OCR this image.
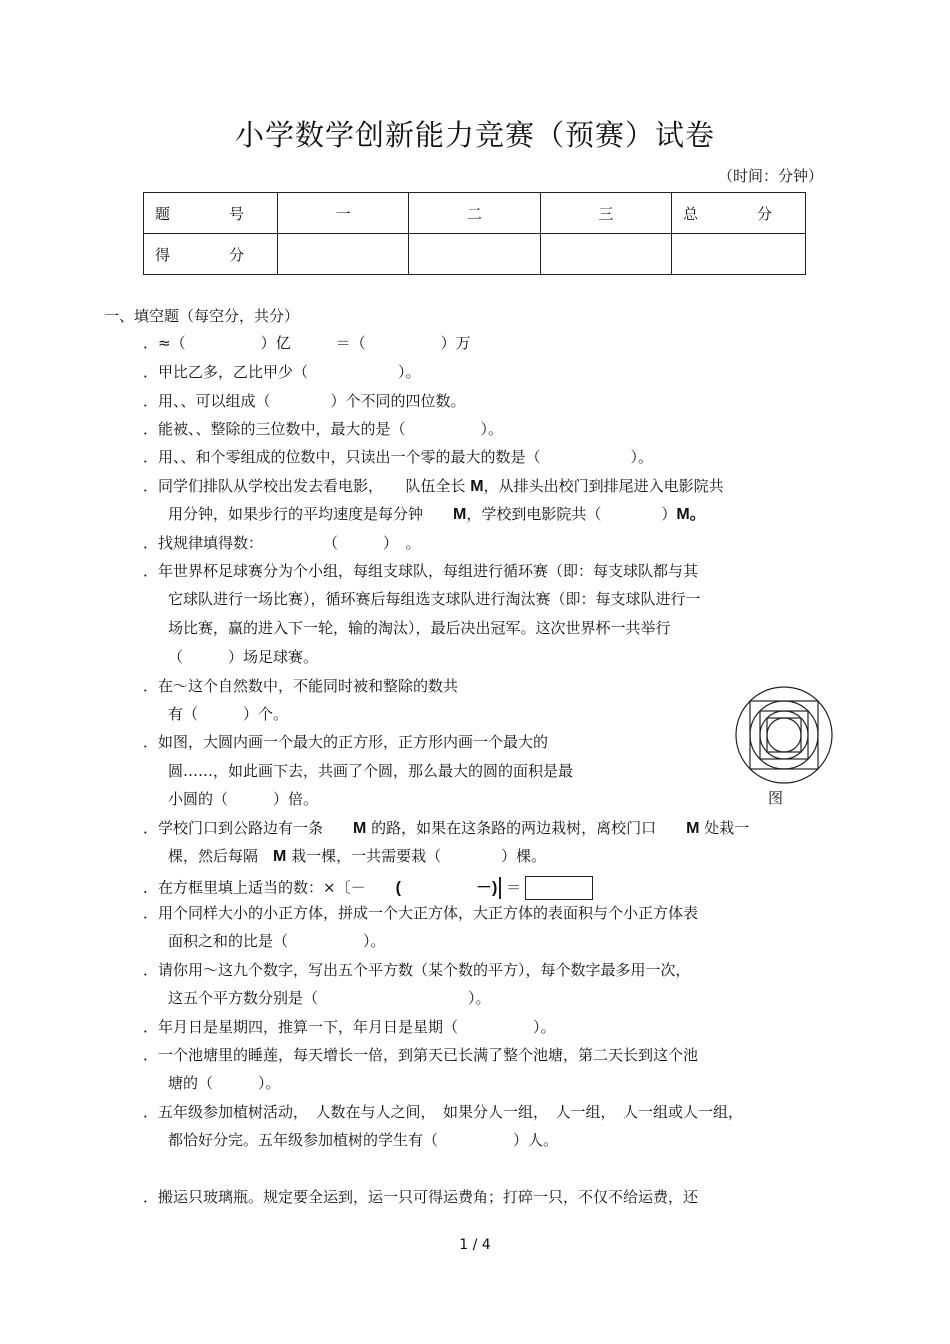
小学数学创新能力竞赛（预赛）试卷
（时间：分钟）
题　号	一	二	三	总　分
得　分				
一、填空题（每空分，共分）
．≈（　　　　　）亿　　　＝（　　　　　）万
．甲比乙多，乙比甲少（　　　　　　）。
．用、、可以组成（　　　　）个不同的四位数。
．能被、、整除的三位数中，最大的是（　　　　　）。
．用、、和个零组成的位数中，只读出一个零的最大的数是（　　　　　　）。
．同学们排队从学校出发去看电影，　　队伍全长 M，从排头出校门到排尾进入电影院共
用分钟，如果步行的平均速度是每分钟　　 M，学校到电影院共（　　　　）M。
．找规律填得数：　　　　　（　　　）　。
．年世界杯足球赛分为个小组，每组支球队，每组进行循环赛（即：每支球队都与其
它球队进行一场比赛），循环赛后每组选支球队进行淘汰赛（即：每支球队进行一
场比赛，赢的进入下一轮，输的淘汰），最后决出冠军。这次世界杯一共举行
（　　　）场足球赛。
．在～这个自然数中，不能同时被和整除的数共
有（　　　）个。
．如图，大圆内画一个最大的正方形，正方形内画一个最大的
圆……，如此画下去，共画了个圆，那么最大的圆的面积是最
小圆的（　　　）倍。	图
．学校门口到公路边有一条　　 M 的路，如果在这条路的两边栽树，离校门口　　 M 处栽一
棵，然后每隔　 M 栽一棵，一共需要栽（　　　　）棵。
．在方框里填上适当的数：×〔－　　 (　　　　　	－) ＝
．用个同样大小的小正方体，拼成一个大正方体，大正方体的表面积与个小正方体表
面积之和的比是（　　　　　）。
．请你用～这九个数字，写出五个平方数（某个数的平方），每个数字最多用一次，
这五个平方数分别是（　　　　　　　　　　）。
．年月日是星期四，推算一下，年月日是星期（　　　　　）。
．一个池塘里的睡莲，每天增长一倍，到第天已长满了整个池塘，第二天长到这个池
塘的（　　　）。
．五年级参加植树活动，　人数在与人之间，　如果分人一组，　人一组，　人一组或人一组，
都恰好分完。五年级参加植树的学生有（　　　　　）人。
．搬运只玻璃瓶。规定要全运到，运一只可得运费角；打碎一只，不仅不给运费，还
1 / 4
